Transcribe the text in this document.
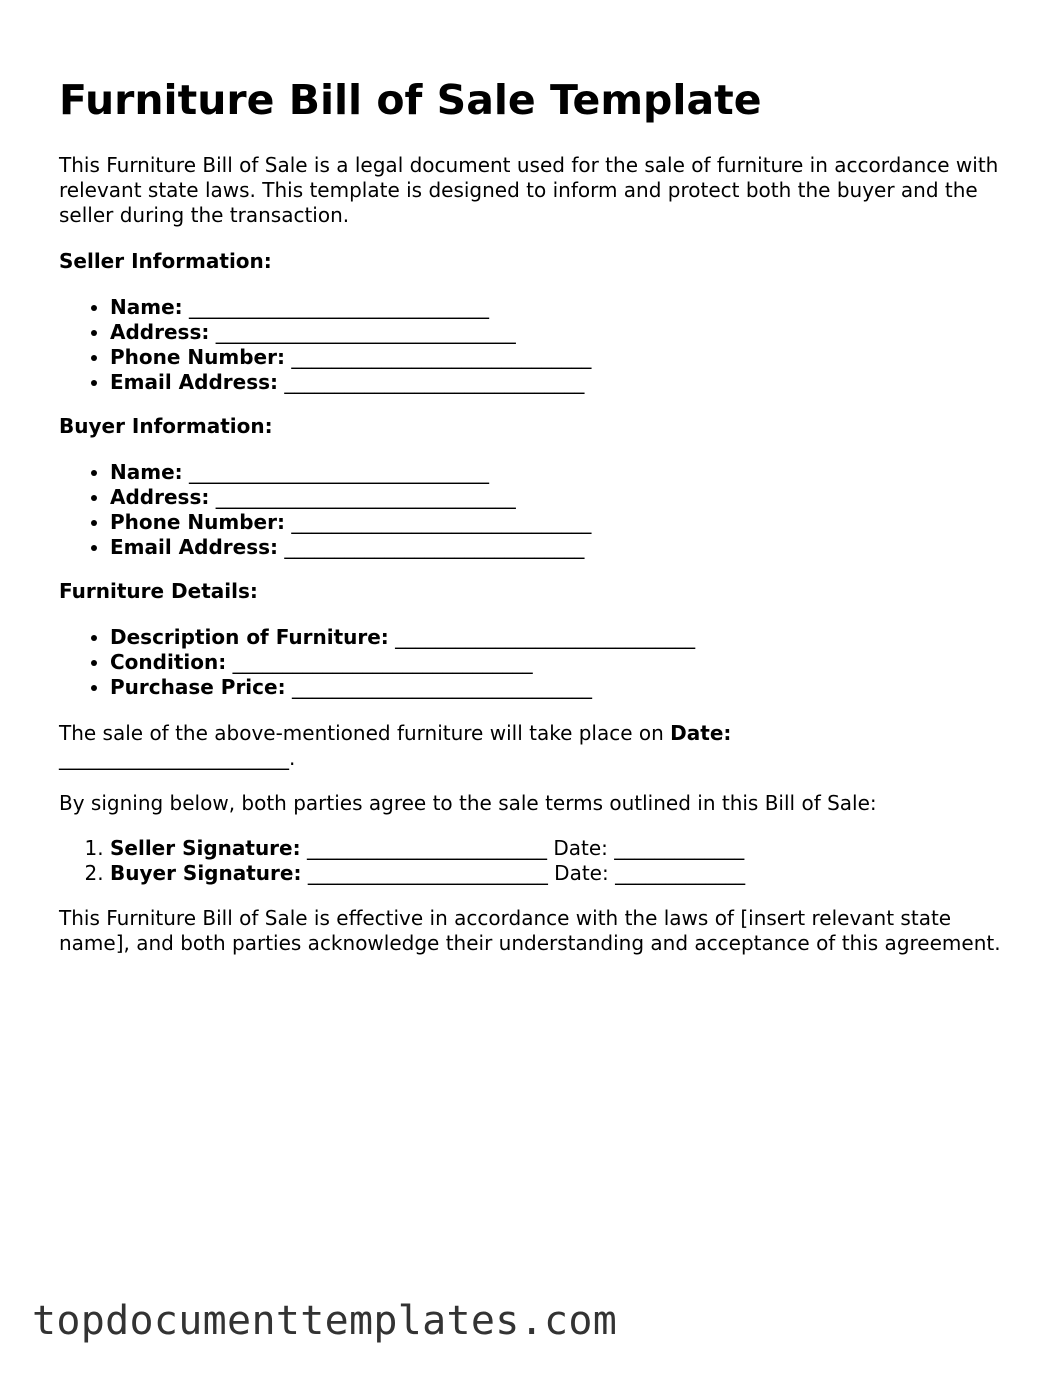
Furniture Bill of Sale Template

This Furniture Bill of Sale is a legal document used for the sale of furniture in accordance with relevant state laws. This template is designed to inform and protect both the buyer and the seller during the transaction.

Seller Information:

• Name: ______________________________
• Address: ______________________________
• Phone Number: ______________________________
• Email Address: ______________________________

Buyer Information:

• Name: ______________________________
• Address: ______________________________
• Phone Number: ______________________________
• Email Address: ______________________________

Furniture Details:

• Description of Furniture: ______________________________
• Condition: ______________________________
• Purchase Price: ______________________________

The sale of the above-mentioned furniture will take place on Date:
_______________________.

By signing below, both parties agree to the sale terms outlined in this Bill of Sale:

1. Seller Signature: ________________________ Date: _____________
2. Buyer Signature: ________________________ Date: _____________

This Furniture Bill of Sale is effective in accordance with the laws of [insert relevant state name], and both parties acknowledge their understanding and acceptance of this agreement.

topdocumenttemplates.com
